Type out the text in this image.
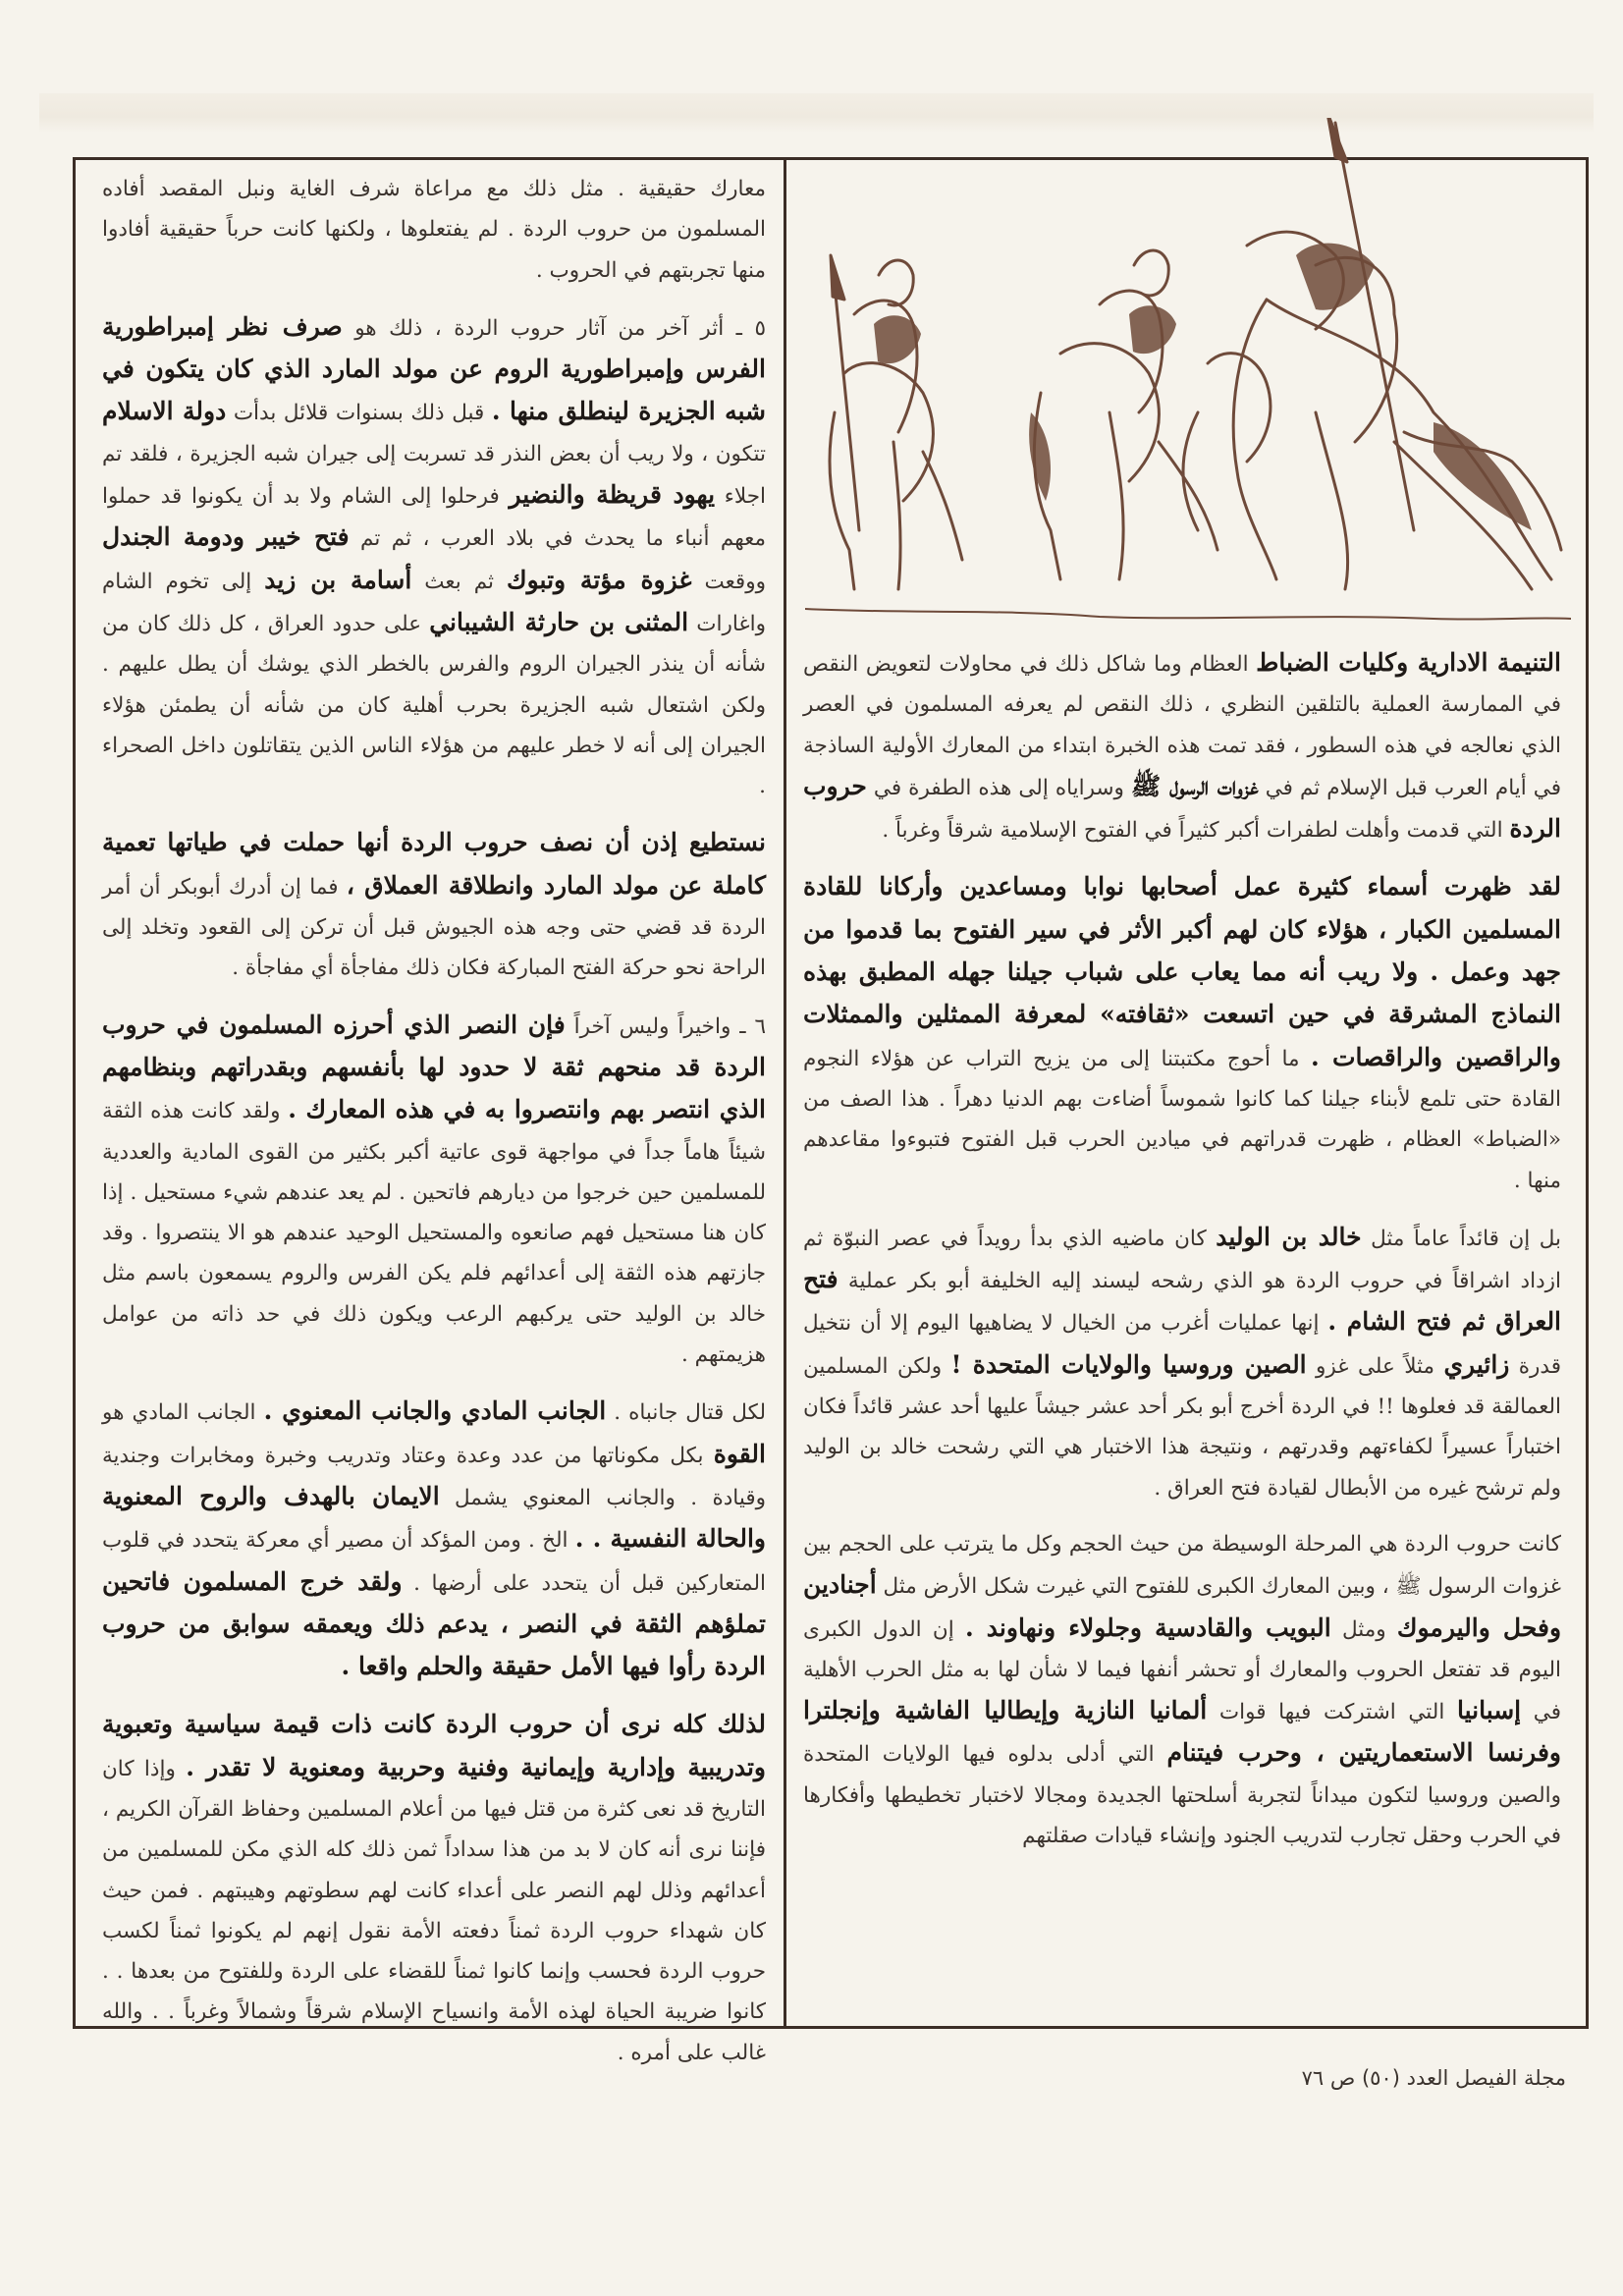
التنيمة الادارية وكليات الضباط العظام وما شاكل ذلك في محاولات لتعويض النقص في الممارسة العملية بالتلقين النظري ، ذلك النقص لم يعرفه المسلمون في العصر الذي نعالجه في هذه السطور ، فقد تمت هذه الخبرة ابتداء من المعارك الأولية الساذجة في أيام العرب قبل الإسلام ثم في غزوات الرسول ﷺ وسراياه إلى هذه الطفرة في حروب الردة التي قدمت وأهلت لطفرات أكبر كثيراً في الفتوح الإسلامية شرقاً وغرباً .

لقد ظهرت أسماء كثيرة عمل أصحابها نوابا ومساعدين وأركانا للقادة المسلمين الكبار ، هؤلاء كان لهم أكبر الأثر في سير الفتوح بما قدموا من جهد وعمل . ولا ريب أنه مما يعاب على شباب جيلنا جهله المطبق بهذه النماذج المشرقة في حين اتسعت «ثقافته» لمعرفة الممثلين والممثلات والراقصين والراقصات . ما أحوج مكتبتنا إلى من يزيح التراب عن هؤلاء النجوم القادة حتى تلمع لأبناء جيلنا كما كانوا شموساً أضاءت بهم الدنيا دهراً . هذا الصف من «الضباط» العظام ، ظهرت قدراتهم في ميادين الحرب قبل الفتوح فتبوءوا مقاعدهم منها .

بل إن قائداً عاماً مثل خالد بن الوليد كان ماضيه الذي بدأ رويداً في عصر النبوّة ثم ازداد اشراقاً في حروب الردة هو الذي رشحه ليسند إليه الخليفة أبو بكر عملية فتح العراق ثم فتح الشام . إنها عمليات أغرب من الخيال لا يضاهيها اليوم إلا أن نتخيل قدرة زائيري مثلاً على غزو الصين وروسيا والولايات المتحدة ! ولكن المسلمين العمالقة قد فعلوها !! في الردة أخرج أبو بكر أحد عشر جيشاً عليها أحد عشر قائداً فكان اختباراً عسيراً لكفاءتهم وقدرتهم ، ونتيجة هذا الاختبار هي التي رشحت خالد بن الوليد ولم ترشح غيره من الأبطال لقيادة فتح العراق .

كانت حروب الردة هي المرحلة الوسيطة من حيث الحجم وكل ما يترتب على الحجم بين غزوات الرسول ﷺ ، وبين المعارك الكبرى للفتوح التي غيرت شكل الأرض مثل أجنادين وفحل واليرموك ومثل البويب والقادسية وجلولاء ونهاوند . إن الدول الكبرى اليوم قد تفتعل الحروب والمعارك أو تحشر أنفها فيما لا شأن لها به مثل الحرب الأهلية في إسبانيا التي اشتركت فيها قوات ألمانيا النازية وإيطاليا الفاشية وإنجلترا وفرنسا الاستعماريتين ، وحرب فيتنام التي أدلى بدلوه فيها الولايات المتحدة والصين وروسيا لتكون ميداناً لتجربة أسلحتها الجديدة ومجالا لاختبار تخطيطها وأفكارها في الحرب وحقل تجارب لتدريب الجنود وإنشاء قيادات صقلتهم

معارك حقيقية . مثل ذلك مع مراعاة شرف الغاية ونبل المقصد أفاده المسلمون من حروب الردة . لم يفتعلوها ، ولكنها كانت حرباً حقيقية أفادوا منها تجربتهم في الحروب .

٥ ـ أثر آخر من آثار حروب الردة ، ذلك هو صرف نظر إمبراطورية الفرس وإمبراطورية الروم عن مولد المارد الذي كان يتكون في شبه الجزيرة لينطلق منها . قبل ذلك بسنوات قلائل بدأت دولة الاسلام تتكون ، ولا ريب أن بعض النذر قد تسربت إلى جيران شبه الجزيرة ، فلقد تم اجلاء يهود قريظة والنضير فرحلوا إلى الشام ولا بد أن يكونوا قد حملوا معهم أنباء ما يحدث في بلاد العرب ، ثم تم فتح خيبر ودومة الجندل ووقعت غزوة مؤتة وتبوك ثم بعث أسامة بن زيد إلى تخوم الشام واغارات المثنى بن حارثة الشيباني على حدود العراق ، كل ذلك كان من شأنه أن ينذر الجيران الروم والفرس بالخطر الذي يوشك أن يطل عليهم . ولكن اشتعال شبه الجزيرة بحرب أهلية كان من شأنه أن يطمئن هؤلاء الجيران إلى أنه لا خطر عليهم من هؤلاء الناس الذين يتقاتلون داخل الصحراء .

نستطيع إذن أن نصف حروب الردة أنها حملت في طياتها تعمية كاملة عن مولد المارد وانطلاقة العملاق ، فما إن أدرك أبوبكر أن أمر الردة قد قضي حتى وجه هذه الجيوش قبل أن تركن إلى القعود وتخلد إلى الراحة نحو حركة الفتح المباركة فكان ذلك مفاجأة أي مفاجأة .

٦ ـ واخيراً وليس آخراً فإن النصر الذي أحرزه المسلمون في حروب الردة قد منحهم ثقة لا حدود لها بأنفسهم وبقدراتهم وبنظامهم الذي انتصر بهم وانتصروا به في هذه المعارك . ولقد كانت هذه الثقة شيئاً هاماً جداً في مواجهة قوى عاتية أكبر بكثير من القوى المادية والعددية للمسلمين حين خرجوا من ديارهم فاتحين . لم يعد عندهم شيء مستحيل . إذا كان هنا مستحيل فهم صانعوه والمستحيل الوحيد عندهم هو الا ينتصروا . وقد جازتهم هذه الثقة إلى أعدائهم فلم يكن الفرس والروم يسمعون باسم مثل خالد بن الوليد حتى يركبهم الرعب ويكون ذلك في حد ذاته من عوامل هزيمتهم .

لكل قتال جانباه . الجانب المادي والجانب المعنوي . الجانب المادي هو القوة بكل مكوناتها من عدد وعدة وعتاد وتدريب وخبرة ومخابرات وجندية وقيادة . والجانب المعنوي يشمل الايمان بالهدف والروح المعنوية والحالة النفسية . . الخ . ومن المؤكد أن مصير أي معركة يتحدد في قلوب المتعاركين قبل أن يتحدد على أرضها . ولقد خرج المسلمون فاتحين تملؤهم الثقة في النصر ، يدعم ذلك ويعمقه سوابق من حروب الردة رأوا فيها الأمل حقيقة والحلم واقعا .

لذلك كله نرى أن حروب الردة كانت ذات قيمة سياسية وتعبوية وتدريبية وإدارية وإيمانية وفنية وحربية ومعنوية لا تقدر . وإذا كان التاريخ قد نعى كثرة من قتل فيها من أعلام المسلمين وحفاظ القرآن الكريم ، فإننا نرى أنه كان لا بد من هذا سداداً ثمن ذلك كله الذي مكن للمسلمين من أعدائهم وذلل لهم النصر على أعداء كانت لهم سطوتهم وهيبتهم . فمن حيث كان شهداء حروب الردة ثمناً دفعته الأمة نقول إنهم لم يكونوا ثمناً لكسب حروب الردة فحسب وإنما كانوا ثمناً للقضاء على الردة وللفتوح من بعدها . . كانوا ضريبة الحياة لهذه الأمة وانسياح الإسلام شرقاً وشمالاً وغرباً . . والله غالب على أمره .

مجلة الفيصل العدد (٥٠) ص ٧٦
